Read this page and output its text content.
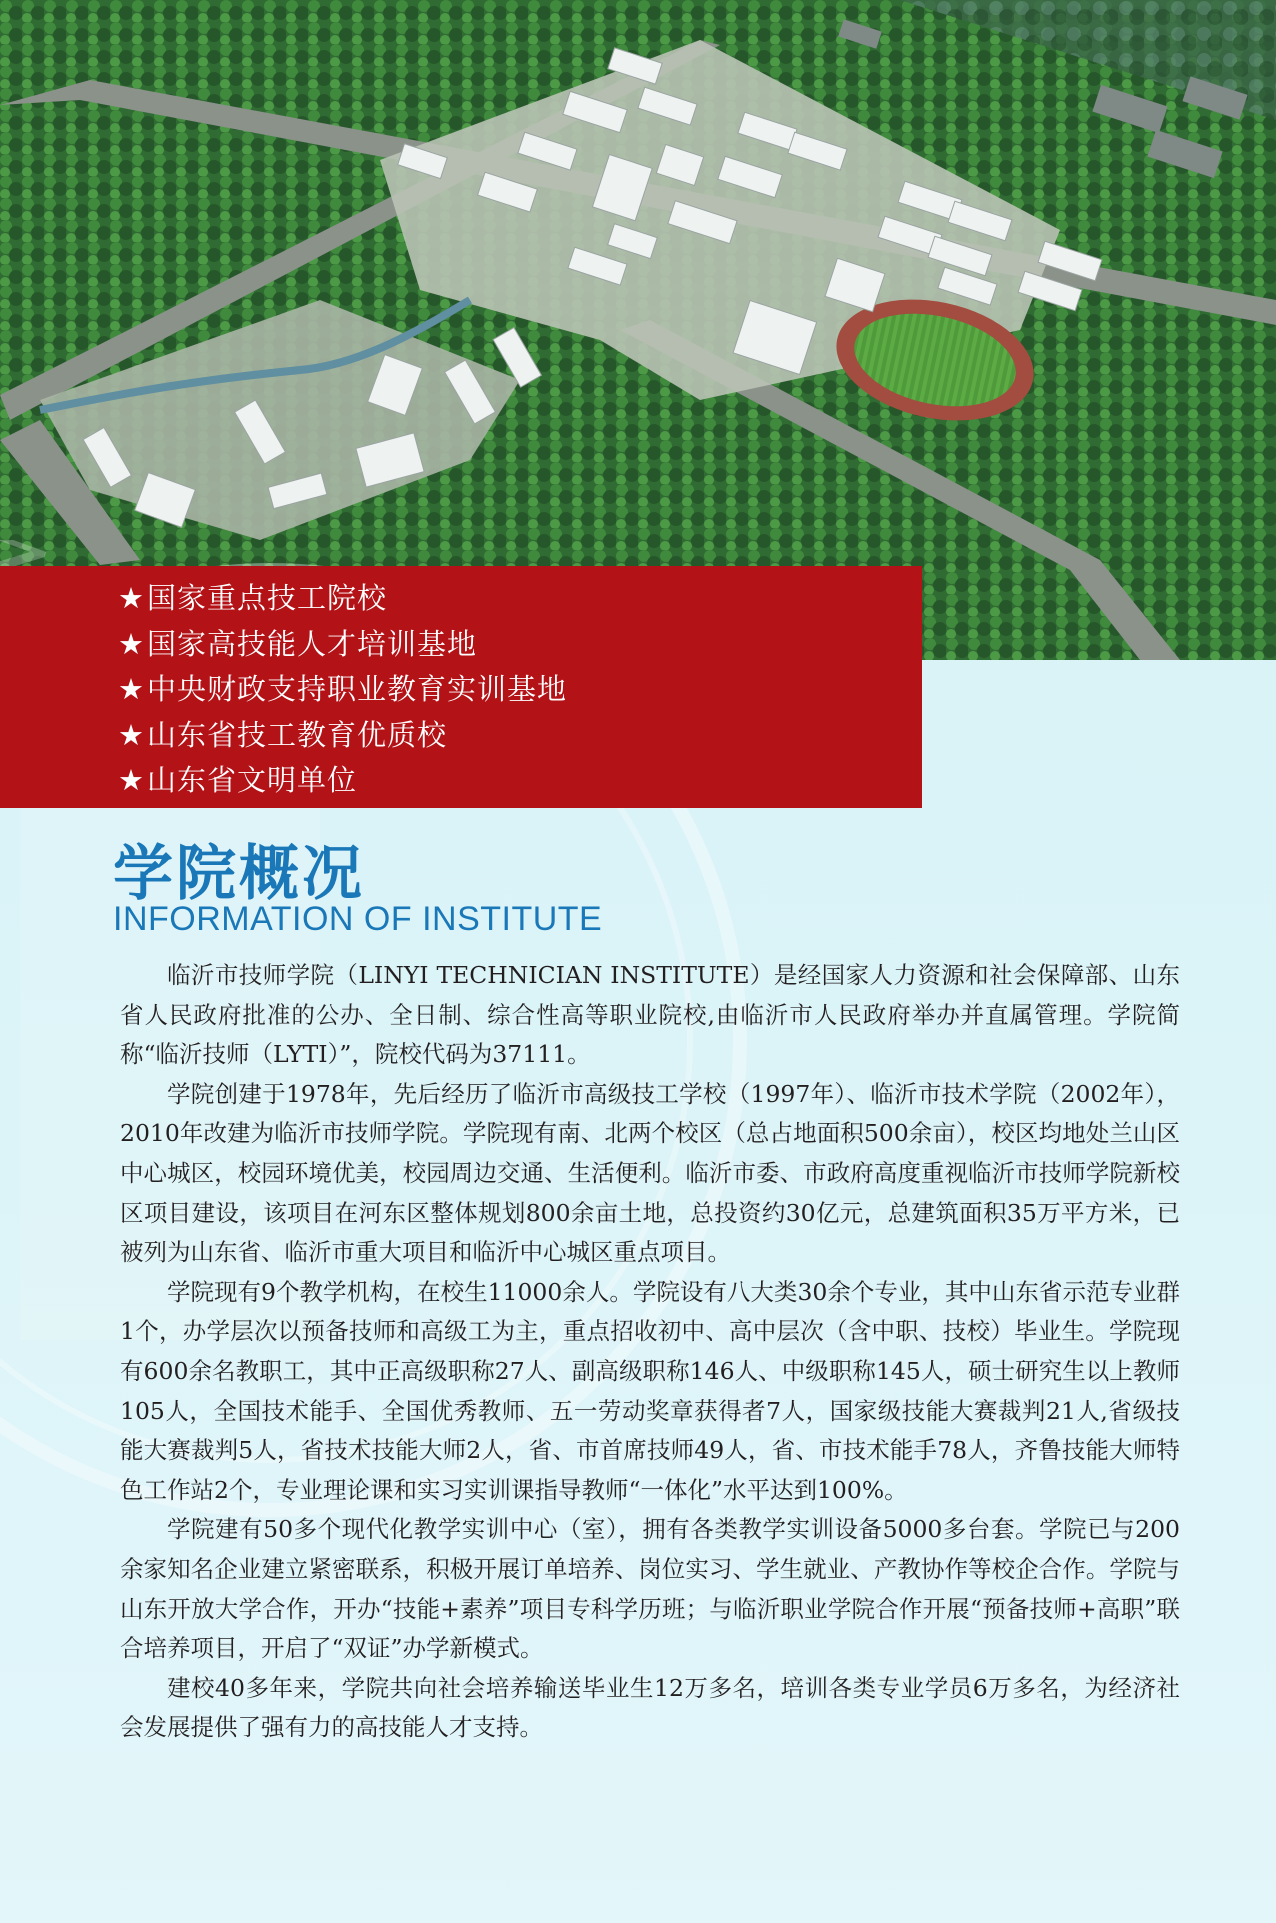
★国家重点技工院校
★国家高技能人才培训基地
★中央财政支持职业教育实训基地
★山东省技工教育优质校
★山东省文明单位
学院概况
INFORMATION OF INSTITUTE

临沂市技师学院（LINYI TECHNICIAN INSTITUTE）是经国家人力资源和社会保障部、山东省人民政府批准的公办、全日制、综合性高等职业院校,由临沂市人民政府举办并直属管理。学院简称“临沂技师（LYTI）”，院校代码为37111。

学院创建于1978年，先后经历了临沂市高级技工学校（1997年）、临沂市技术学院（2002年），2010年改建为临沂市技师学院。学院现有南、北两个校区（总占地面积500余亩），校区均地处兰山区中心城区，校园环境优美，校园周边交通、生活便利。临沂市委、市政府高度重视临沂市技师学院新校区项目建设，该项目在河东区整体规划800余亩土地，总投资约30亿元，总建筑面积35万平方米，已被列为山东省、临沂市重大项目和临沂中心城区重点项目。

学院现有9个教学机构，在校生11000余人。学院设有八大类30余个专业，其中山东省示范专业群1个，办学层次以预备技师和高级工为主，重点招收初中、高中层次（含中职、技校）毕业生。学院现有600余名教职工，其中正高级职称27人、副高级职称146人、中级职称145人，硕士研究生以上教师105人，全国技术能手、全国优秀教师、五一劳动奖章获得者7人，国家级技能大赛裁判21人,省级技能大赛裁判5人，省技术技能大师2人，省、市首席技师49人，省、市技术能手78人，齐鲁技能大师特色工作站2个，专业理论课和实习实训课指导教师“一体化”水平达到100%。

学院建有50多个现代化教学实训中心（室），拥有各类教学实训设备5000多台套。学院已与200余家知名企业建立紧密联系，积极开展订单培养、岗位实习、学生就业、产教协作等校企合作。学院与山东开放大学合作，开办“技能+素养”项目专科学历班；与临沂职业学院合作开展“预备技师+高职”联合培养项目，开启了“双证”办学新模式。

建校40多年来，学院共向社会培养输送毕业生12万多名，培训各类专业学员6万多名，为经济社会发展提供了强有力的高技能人才支持。
